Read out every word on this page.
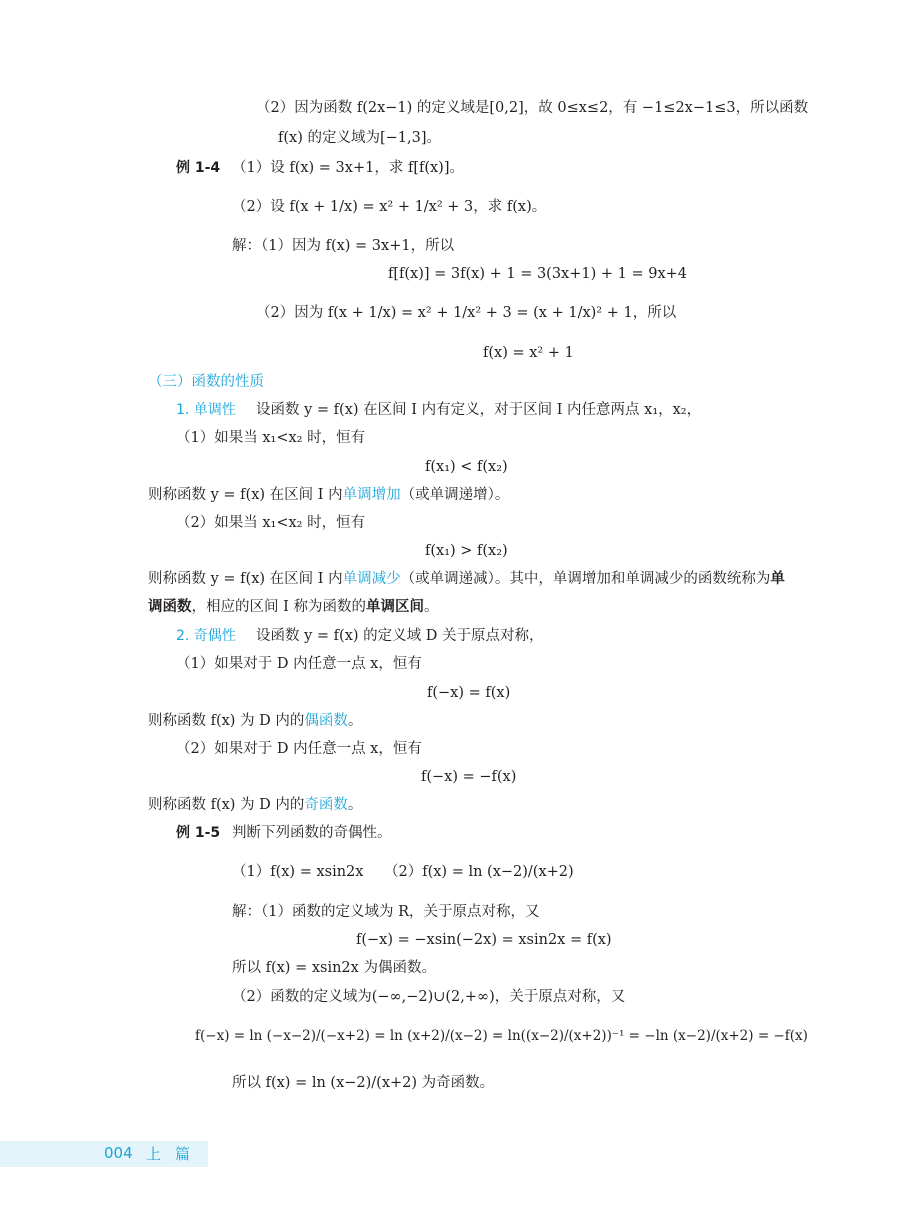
（2）因为函数 f(2x−1) 的定义域是[0,2]，故 0≤x≤2，有 −1≤2x−1≤3，所以函数
f(x) 的定义域为[−1,3]。
例 1-4 （1）设 f(x) = 3x+1，求 f[f(x)]。
（2）设 f(x + 1/x) = x² + 1/x² + 3，求 f(x)。
解：（1）因为 f(x) = 3x+1，所以
f[f(x)] = 3f(x) + 1 = 3(3x+1) + 1 = 9x+4
（2）因为 f(x + 1/x) = x² + 1/x² + 3 = (x + 1/x)² + 1，所以
f(x) = x² + 1
（三）函数的性质
1. 单调性 设函数 y = f(x) 在区间 I 内有定义，对于区间 I 内任意两点 x₁，x₂，
（1）如果当 x₁<x₂ 时，恒有
f(x₁) < f(x₂)
则称函数 y = f(x) 在区间 I 内单调增加（或单调递增）。
（2）如果当 x₁<x₂ 时，恒有
f(x₁) > f(x₂)
则称函数 y = f(x) 在区间 I 内单调减少（或单调递减）。其中，单调增加和单调减少的函数统称为单
调函数，相应的区间 I 称为函数的单调区间。
2. 奇偶性 设函数 y = f(x) 的定义域 D 关于原点对称，
（1）如果对于 D 内任意一点 x，恒有
f(−x) = f(x)
则称函数 f(x) 为 D 内的偶函数。
（2）如果对于 D 内任意一点 x，恒有
f(−x) = −f(x)
则称函数 f(x) 为 D 内的奇函数。
例 1-5 判断下列函数的奇偶性。
（1）f(x) = xsin2x （2）f(x) = ln (x−2)/(x+2)
解：（1）函数的定义域为 R，关于原点对称，又
f(−x) = −xsin(−2x) = xsin2x = f(x)
所以 f(x) = xsin2x 为偶函数。
（2）函数的定义域为(−∞,−2)∪(2,+∞)，关于原点对称，又
f(−x) = ln (−x−2)/(−x+2) = ln (x+2)/(x−2) = ln((x−2)/(x+2))⁻¹ = −ln (x−2)/(x+2) = −f(x)
所以 f(x) = ln (x−2)/(x+2) 为奇函数。
004 上篇
